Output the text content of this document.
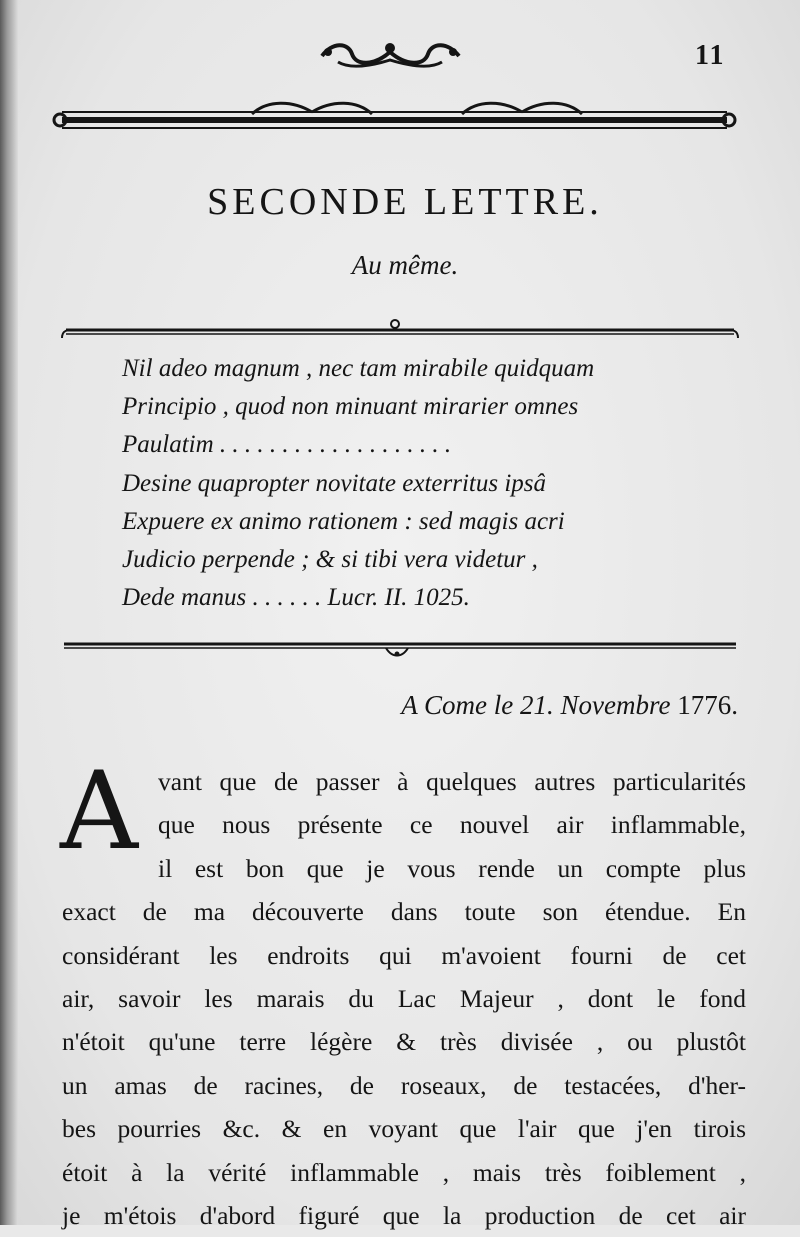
11
SECONDE LETTRE.
Au même.
Nil adeo magnum , nec tam mirabile quidquam
Principio , quod non minuant mirarier omnes
Paulatim . . . . . . . . . . . . . . . . . . .
Desine quapropter novitate exterritus ipsâ
Expuere ex animo rationem : sed magis acri
Judicio perpende ; & si tibi vera videtur ,
Dede manus . . . . . . Lucr. II. 1025.
A Come le 21. Novembre 1776.
A vant que de passer à quelques autres particularités
que nous présente ce nouvel air inflammable,
il est bon que je vous rende un compte plus
exact de ma découverte dans toute son étendue. En
considérant les endroits qui m'avoient fourni de cet
air, savoir les marais du Lac Majeur , dont le fond
n'étoit qu'une terre légère & très divisée , ou plustôt
un amas de racines, de roseaux, de testacées, d'her-
bes pourries &c. & en voyant que l'air que j'en tirois
étoit à la vérité inflammable , mais très foiblement ,
je m'étois d'abord figuré que la production de cet air
